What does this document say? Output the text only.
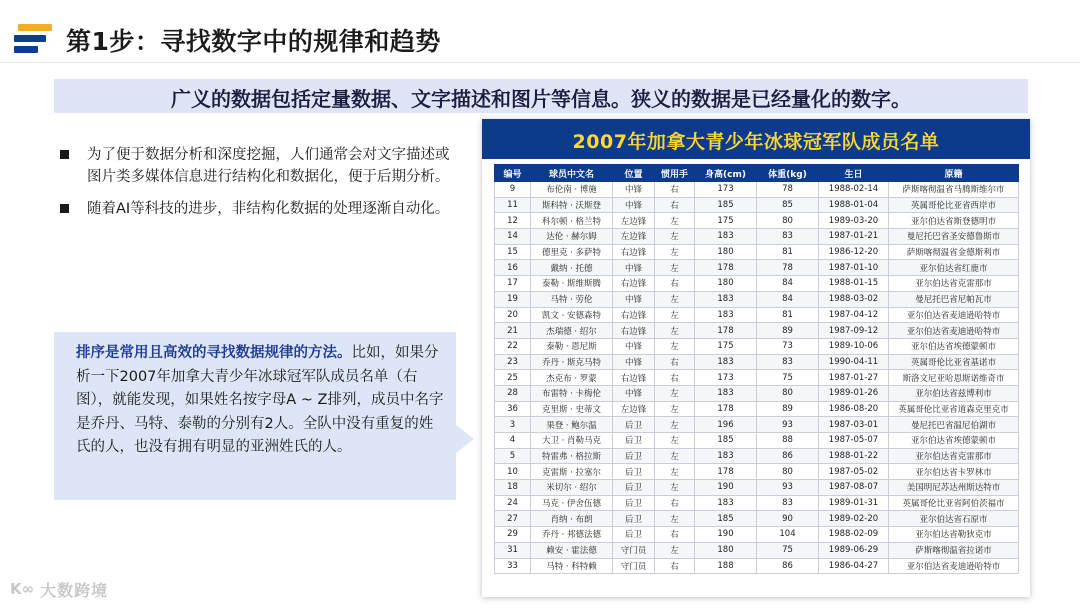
第1步：寻找数字中的规律和趋势
广义的数据包括定量数据、文字描述和图片等信息。狭义的数据是已经量化的数字。
为了便于数据分析和深度挖掘，人们通常会对文字描述或图片类多媒体信息进行结构化和数据化，便于后期分析。
随着AI等科技的进步，非结构化数据的处理逐渐自动化。
排序是常用且高效的寻找数据规律的方法。比如，如果分析一下2007年加拿大青少年冰球冠军队成员名单（右图），就能发现，如果姓名按字母A ~ Z排列，成员中名字是乔丹、马特、泰勒的分别有2人。全队中没有重复的姓氏的人，也没有拥有明显的亚洲姓氏的人。
2007年加拿大青少年冰球冠军队成员名单
编号	球员中文名	位置	惯用手	身高(cm)	体重(kg)	生日	原籍
9	布伦南 · 博施	中锋	右	173	78	1988-02-14	萨斯喀彻温省马腾斯维尔市
11	斯科特 · 沃斯登	中锋	右	185	85	1988-01-04	英属哥伦比亚省西岸市
12	科尔顿 · 格兰特	左边锋	左	175	80	1989-03-20	亚尔伯达省斯登德明市
14	达伦 · 赫尔姆	左边锋	左	183	83	1987-01-21	曼尼托巴省圣安德鲁斯市
15	德里克 · 多萨特	右边锋	左	180	81	1986-12-20	萨斯喀彻温省金德斯利市
16	戴纳 · 托德	中锋	左	178	78	1987-01-10	亚尔伯达省红鹿市
17	泰勒 · 斯维斯腾	右边锋	右	180	84	1988-01-15	亚尔伯达省克雷那市
19	马特 · 劳伦	中锋	左	183	84	1988-03-02	曼尼托巴省尼帕瓦市
20	凯文 · 安德森特	右边锋	左	183	81	1987-04-12	亚尔伯达省麦迪逊哈特市
21	杰瑞德 · 绍尔	右边锋	左	178	89	1987-09-12	亚尔伯达省麦迪逊哈特市
22	泰勒 · 恩尼斯	中锋	左	175	73	1989-10-06	亚尔伯达省埃德蒙顿市
23	乔丹 · 斯克马特	中锋	右	183	83	1990-04-11	英属哥伦比亚省基诺市
25	杰克布 · 罗蒙	右边锋	右	173	75	1987-01-27	斯洛文尼亚哈恩斯诺维奇市
28	布雷特 · 卡梅伦	中锋	左	183	80	1989-01-26	亚尔伯达省兹博利市
36	克里斯 · 史蒂文	左边锋	左	178	89	1986-08-20	英属哥伦比亚省道森克里克市
3	果登 · 鲍尔温	后卫	左	196	93	1987-03-01	曼尼托巴省温尼伯湖市
4	大卫 · 肖勒马克	后卫	左	185	88	1987-05-07	亚尔伯达省埃德蒙顿市
5	特雷弗 · 格拉斯	后卫	左	183	86	1988-01-22	亚尔伯达省克雷那市
10	克雷斯 · 拉塞尔	后卫	左	178	80	1987-05-02	亚尔伯达省卡罗林市
18	米切尔 · 绍尔	后卫	左	190	93	1987-08-07	美国明尼苏达州斯达特市
24	马克 · 伊舍伍德	后卫	右	183	83	1989-01-31	英属哥伦比亚省阿伯茨福市
27	肖纳 · 布朗	后卫	左	185	90	1989-02-20	亚尔伯达省石原市
29	乔丹 · 邦德法德	后卫	右	190	104	1988-02-09	亚尔伯达省勒狄克市
31	赖安 · 霍法德	守门员	左	180	75	1989-06-29	萨斯喀彻温省拉诺市
33	马特 · 科特赖	守门员	右	188	86	1986-04-27	亚尔伯达省麦迪逊哈特市
K∞ 大数跨境
